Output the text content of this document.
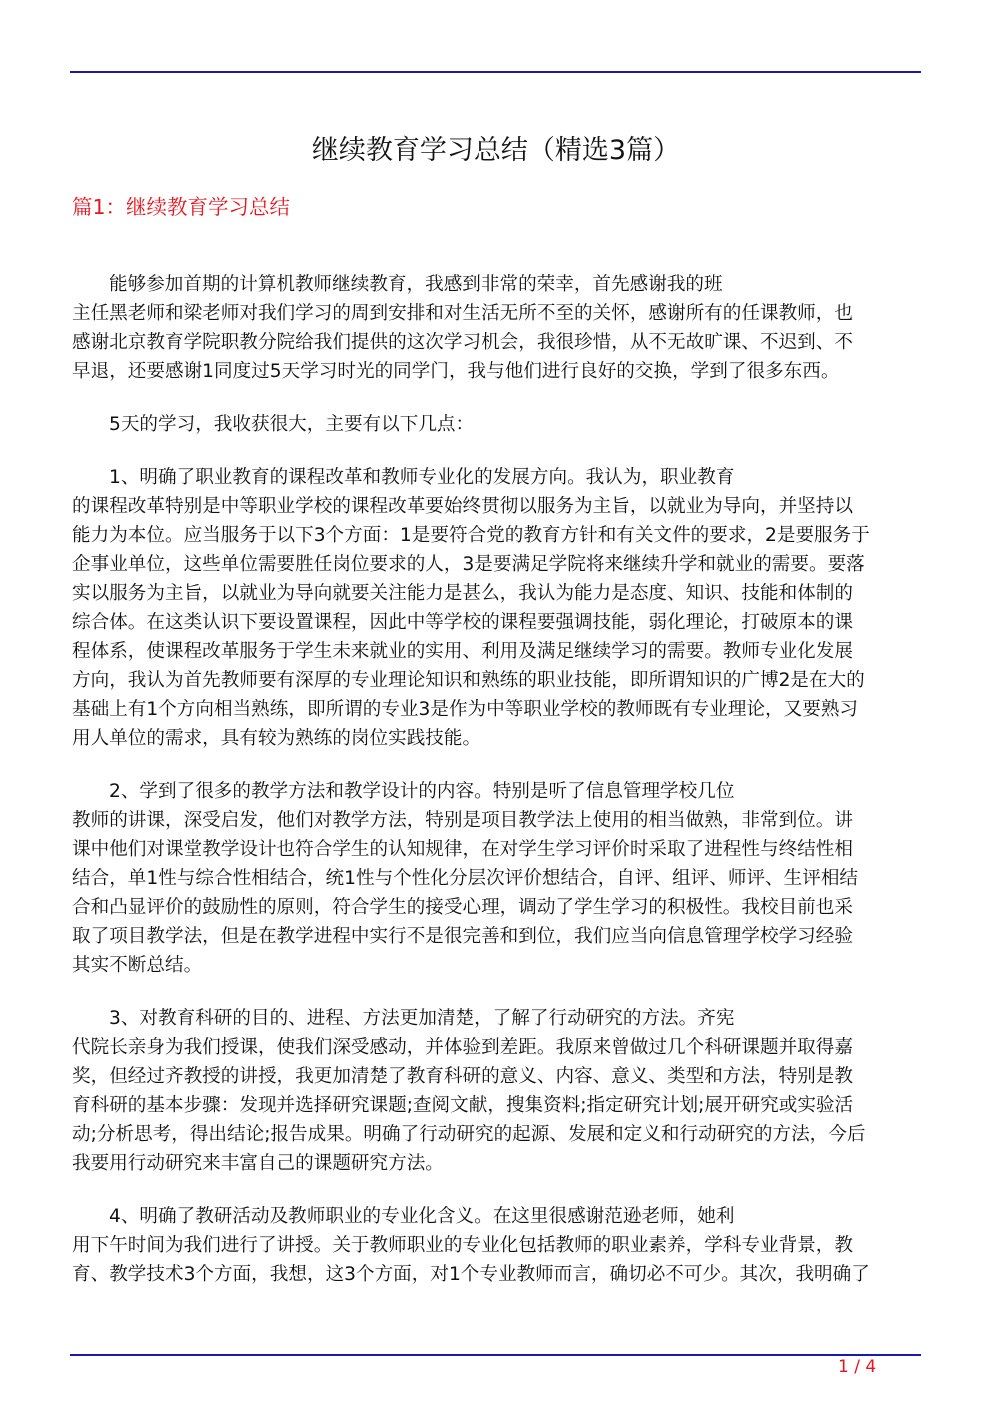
继续教育学习总结（精选3篇）
篇1：继续教育学习总结
能够参加首期的计算机教师继续教育，我感到非常的荣幸，首先感谢我的班
主任黑老师和梁老师对我们学习的周到安排和对生活无所不至的关怀，感谢所有的任课教师，也
感谢北京教育学院职教分院给我们提供的这次学习机会，我很珍惜，从不无故旷课、不迟到、不
早退，还要感谢1同度过5天学习时光的同学门，我与他们进行良好的交换，学到了很多东西。
5天的学习，我收获很大，主要有以下几点：
1、明确了职业教育的课程改革和教师专业化的发展方向。我认为，职业教育
的课程改革特别是中等职业学校的课程改革要始终贯彻以服务为主旨，以就业为导向，并坚持以
能力为本位。应当服务于以下3个方面：1是要符合党的教育方针和有关文件的要求，2是要服务于
企事业单位，这些单位需要胜任岗位要求的人，3是要满足学院将来继续升学和就业的需要。要落
实以服务为主旨，以就业为导向就要关注能力是甚么，我认为能力是态度、知识、技能和体制的
综合体。在这类认识下要设置课程，因此中等学校的课程要强调技能，弱化理论，打破原本的课
程体系，使课程改革服务于学生未来就业的实用、利用及满足继续学习的需要。教师专业化发展
方向，我认为首先教师要有深厚的专业理论知识和熟练的职业技能，即所谓知识的广博2是在大的
基础上有1个方向相当熟练，即所谓的专业3是作为中等职业学校的教师既有专业理论，又要熟习
用人单位的需求，具有较为熟练的岗位实践技能。
2、学到了很多的教学方法和教学设计的内容。特别是听了信息管理学校几位
教师的讲课，深受启发，他们对教学方法，特别是项目教学法上使用的相当做熟，非常到位。讲
课中他们对课堂教学设计也符合学生的认知规律，在对学生学习评价时采取了进程性与终结性相
结合，单1性与综合性相结合，统1性与个性化分层次评价想结合，自评、组评、师评、生评相结
合和凸显评价的鼓励性的原则，符合学生的接受心理，调动了学生学习的积极性。我校目前也采
取了项目教学法，但是在教学进程中实行不是很完善和到位，我们应当向信息管理学校学习经验
其实不断总结。
3、对教育科研的目的、进程、方法更加清楚，了解了行动研究的方法。齐宪
代院长亲身为我们授课，使我们深受感动，并体验到差距。我原来曾做过几个科研课题并取得嘉
奖，但经过齐教授的讲授，我更加清楚了教育科研的意义、内容、意义、类型和方法，特别是教
育科研的基本步骤：发现并选择研究课题;查阅文献，搜集资料;指定研究计划;展开研究或实验活
动;分析思考，得出结论;报告成果。明确了行动研究的起源、发展和定义和行动研究的方法，今后
我要用行动研究来丰富自己的课题研究方法。
4、明确了教研活动及教师职业的专业化含义。在这里很感谢范逊老师，她利
用下午时间为我们进行了讲授。关于教师职业的专业化包括教师的职业素养，学科专业背景，教
育、教学技术3个方面，我想，这3个方面，对1个专业教师而言，确切必不可少。其次，我明确了
1 / 4
